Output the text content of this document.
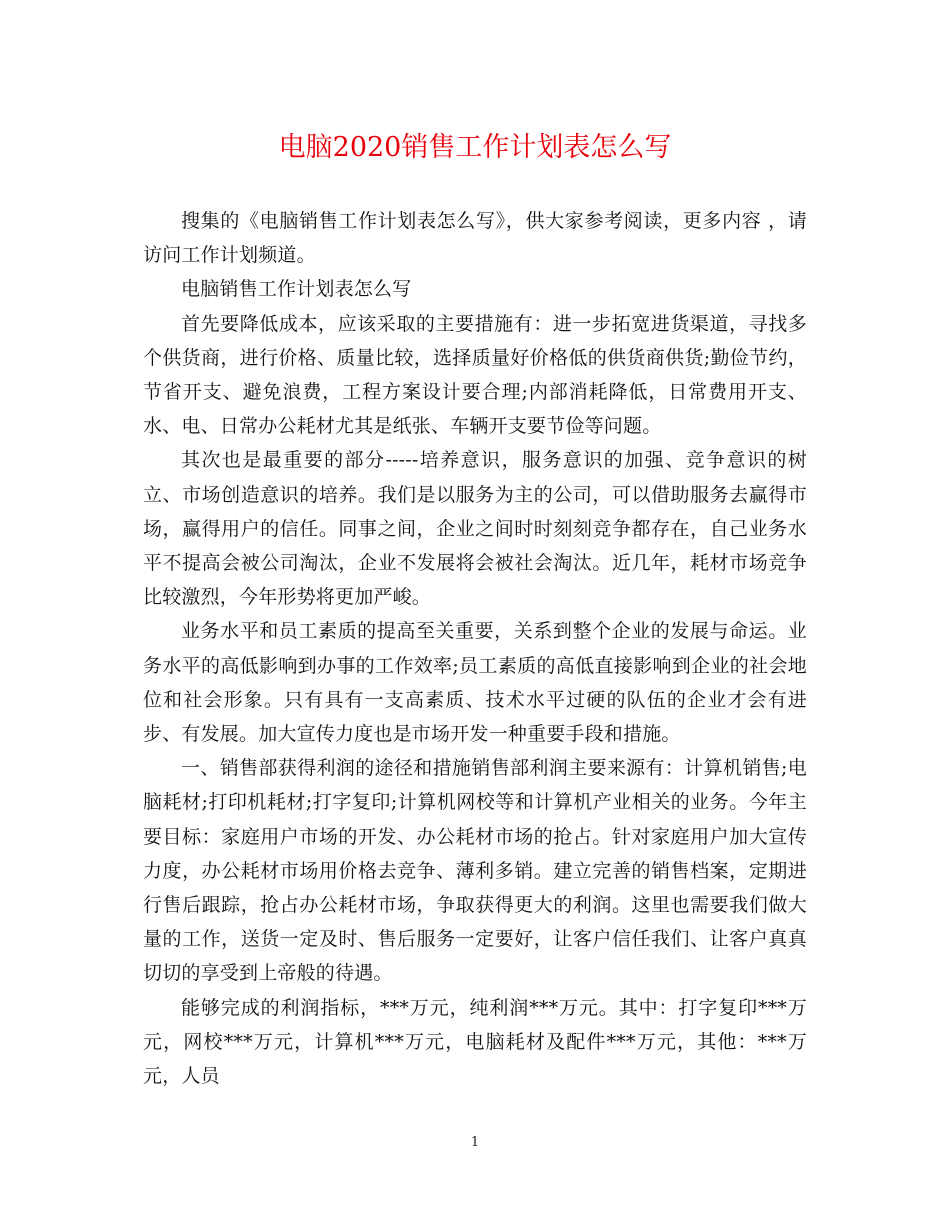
电脑2020销售工作计划表怎么写

搜集的《电脑销售工作计划表怎么写》，供大家参考阅读，更多内容 ，请访问工作计划频道。

电脑销售工作计划表怎么写

首先要降低成本，应该采取的主要措施有：进一步拓宽进货渠道，寻找多个供货商，进行价格、质量比较，选择质量好价格低的供货商供货;勤俭节约，节省开支、避免浪费，工程方案设计要合理;内部消耗降低，日常费用开支、水、电、日常办公耗材尤其是纸张、车辆开支要节俭等问题。

其次也是最重要的部分-----培养意识，服务意识的加强、竞争意识的树立、市场创造意识的培养。我们是以服务为主的公司，可以借助服务去赢得市场，赢得用户的信任。同事之间，企业之间时时刻刻竞争都存在，自己业务水平不提高会被公司淘汰，企业不发展将会被社会淘汰。近几年，耗材市场竞争比较激烈，今年形势将更加严峻。

业务水平和员工素质的提高至关重要，关系到整个企业的发展与命运。业务水平的高低影响到办事的工作效率;员工素质的高低直接影响到企业的社会地位和社会形象。只有具有一支高素质、技术水平过硬的队伍的企业才会有进步、有发展。加大宣传力度也是市场开发一种重要手段和措施。

一、销售部获得利润的途径和措施销售部利润主要来源有：计算机销售;电脑耗材;打印机耗材;打字复印;计算机网校等和计算机产业相关的业务。今年主要目标：家庭用户市场的开发、办公耗材市场的抢占。针对家庭用户加大宣传力度，办公耗材市场用价格去竞争、薄利多销。建立完善的销售档案，定期进行售后跟踪，抢占办公耗材市场，争取获得更大的利润。这里也需要我们做大量的工作，送货一定及时、售后服务一定要好，让客户信任我们、让客户真真切切的享受到上帝般的待遇。

能够完成的利润指标，***万元，纯利润***万元。其中：打字复印***万元，网校***万元，计算机***万元，电脑耗材及配件***万元，其他：***万元，人员

1
